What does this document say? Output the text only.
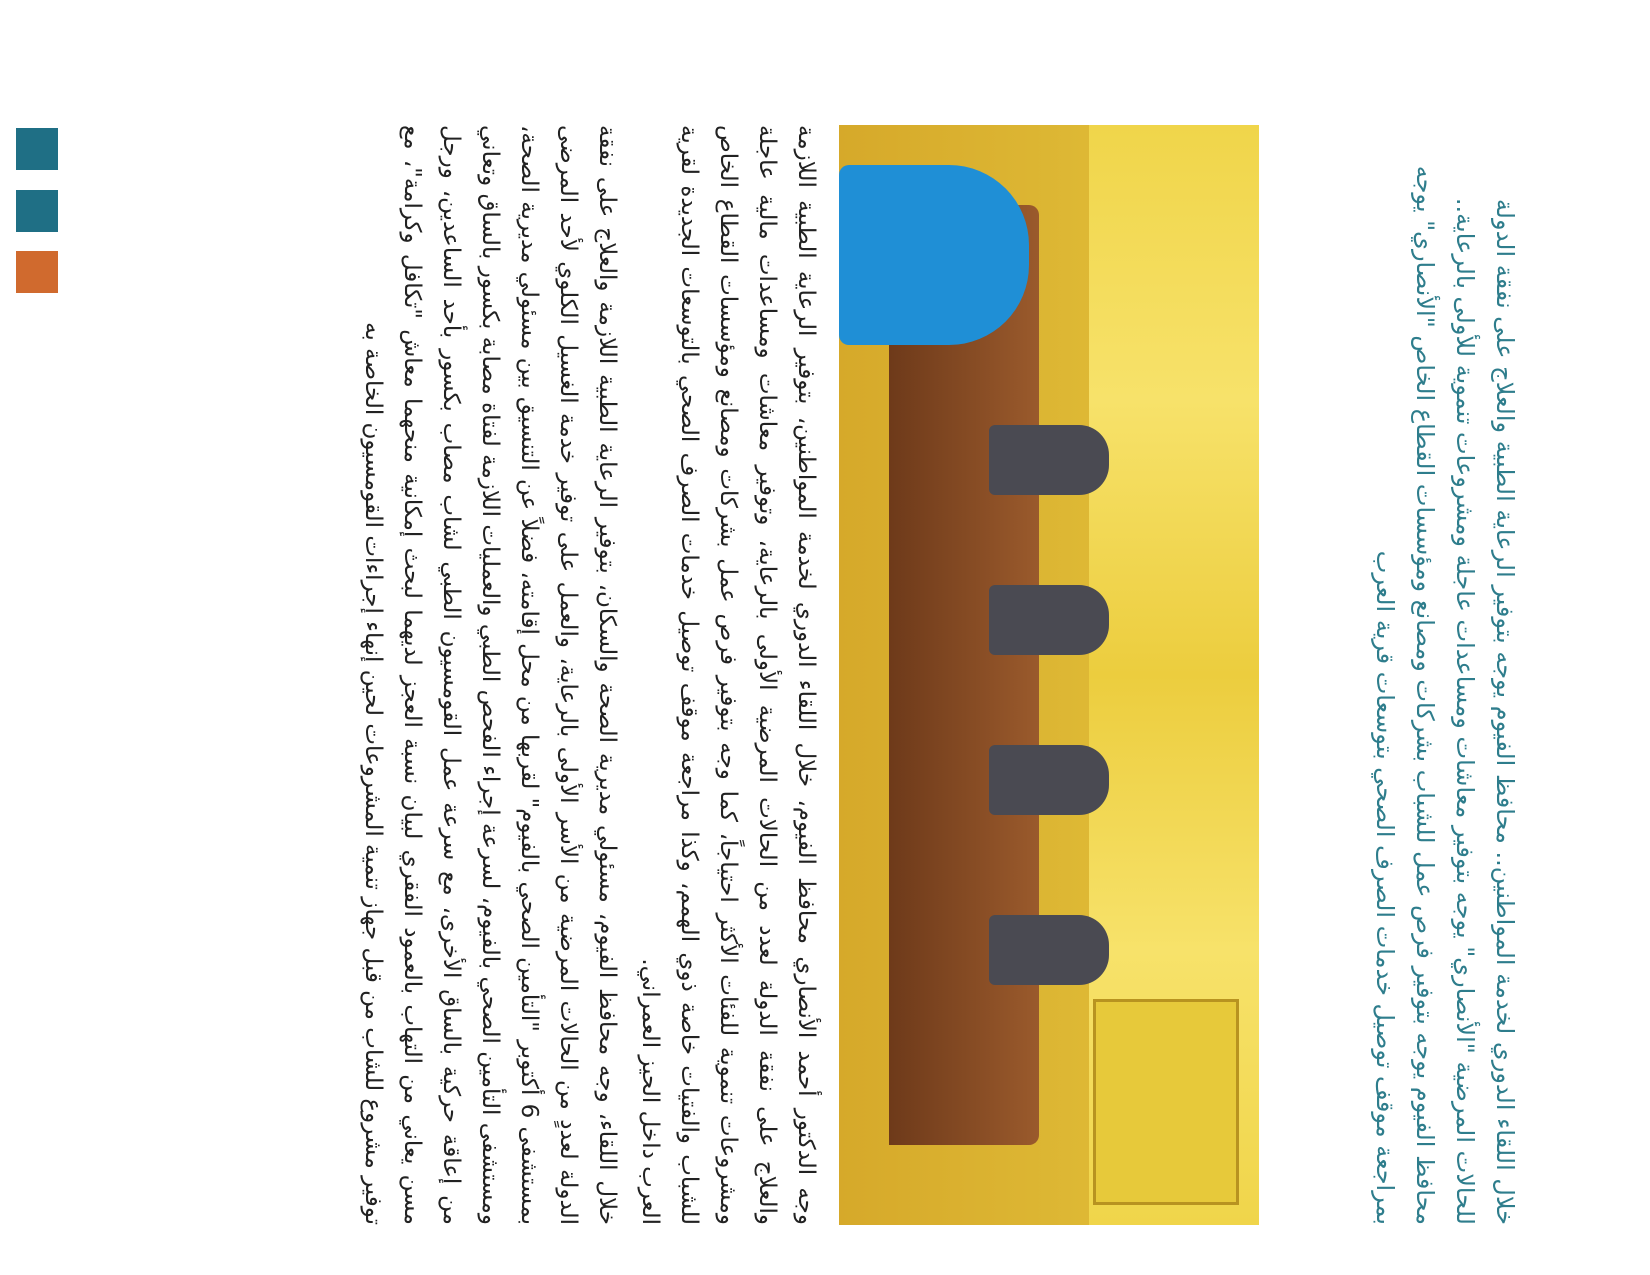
خلال اللقاء الدوري لخدمة المواطنين.. محافظ الفيوم يوجه بتوفير الرعاية الطبية والعلاج على نفقة الدولة للحالات المرضية "الأنصاري" يوجه بتوفير معاشات ومساعدات عاجلة ومشروعات تنموية للأولى بالرعاية.. محافظ الفيوم يوجه بتوفير فرص عمل للشباب بشركات ومصانع ومؤسسات القطاع الخاص "الأنصاري" يوجه بمراجعة موقف توصيل خدمات الصرف الصحي بتوسعات قرية العرب

وجه الدكتور أحمد الأنصاري محافظ الفيوم، خلال اللقاء الدوري لخدمة المواطنين، بتوفير الرعاية الطبية اللازمة والعلاج على نفقة الدولة لعدد من الحالات المرضية الأولى بالرعاية، وتوفير معاشات ومساعدات مالية عاجلة ومشروعات تنموية للفئات الأكثر احتياجاً، كما وجه بتوفير فرص عمل بشركات ومصانع ومؤسسات القطاع الخاص للشباب والفتيات خاصة ذوي الهمم، وكذا مراجعة موقف توصيل خدمات الصرف الصحي بالتوسعات الجديدة لقرية العرب داخل الحيز العمراني.

خلال اللقاء، وجه محافظ الفيوم، مسئولي مديرية الصحة والسكان، بتوفير الرعاية الطبية اللازمة والعلاج على نفقة الدولة لعددٍ من الحالات المرضية من الأسر الأولى بالرعاية، والعمل على توفير خدمة الغسيل الكلوي لأحد المرضى بمستشفى 6 أكتوبر "التأمين الصحي بالفيوم" لقربها من محل إقامته، فضلاً عن التنسيق بين مسئولي مديرية الصحة، ومستشفى التأمين الصحي بالفيوم، لسرعة إجراء الفحص الطبي والعمليات اللازمة لفتاة مصابة بكسور بالساق وتعاني من إعاقة حركية بالساق الأخرى، مع سرعة عمل القومسيون الطبي لشاب مصاب بكسور بأحد الساعدين، ورجل مسن يعاني من التهاب بالعمود الفقري لبيان نسبة العجز لديهما لبحث إمكانية منحهما معاش "تكافل وكرامة"، مع توفير مشروع للشاب من قبل جهاز تنمية المشروعات لحين إنهاء إجراءات القومسيون الخاصة به
